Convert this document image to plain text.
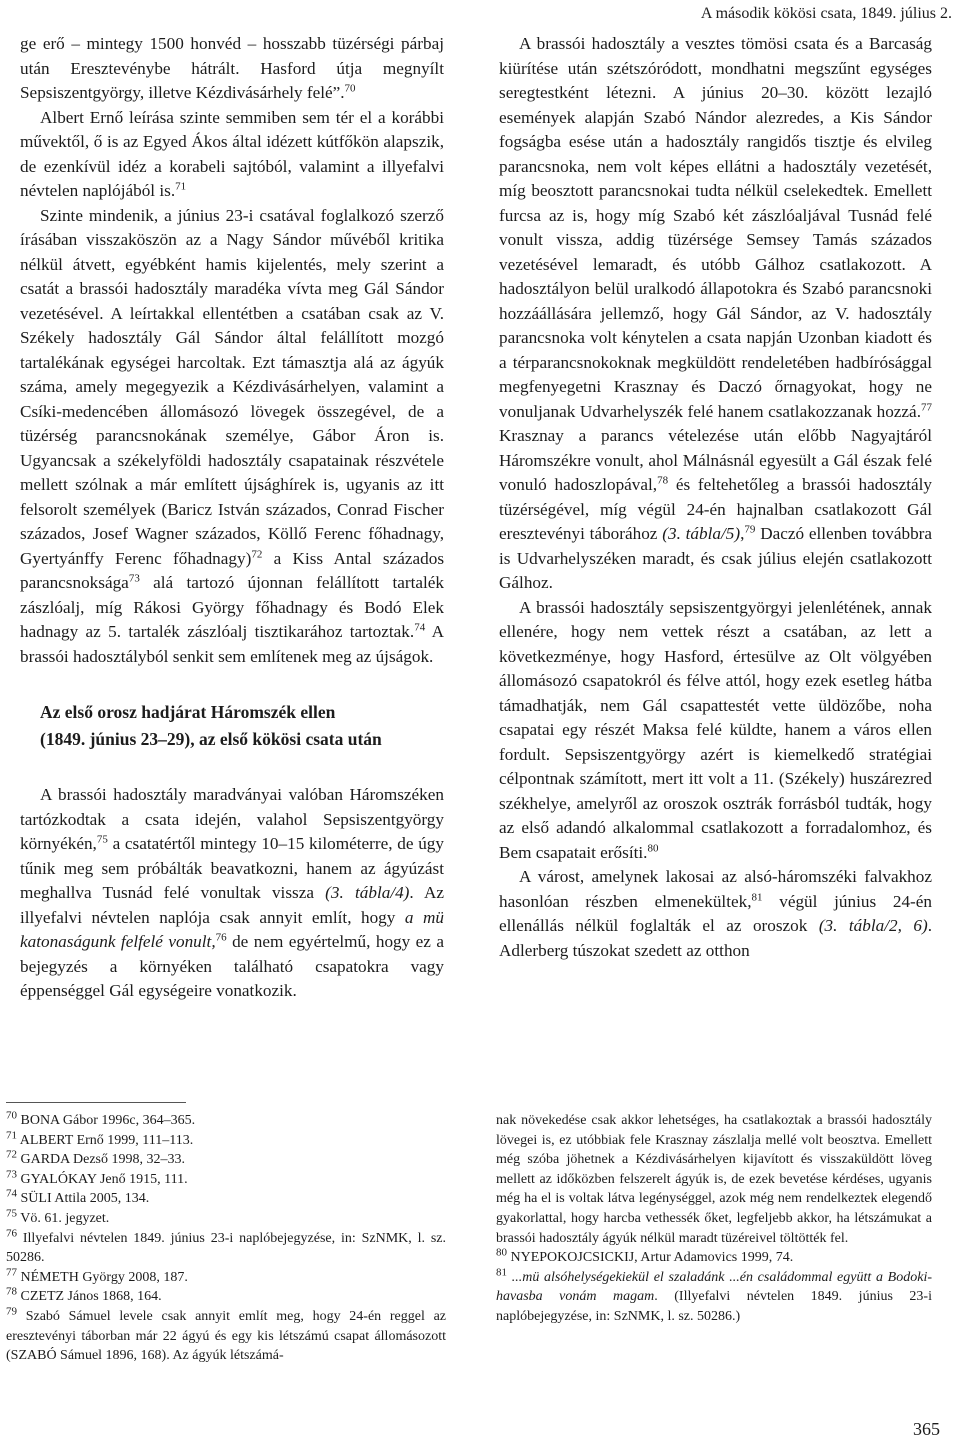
A második kökösi csata, 1849. július 2.

ge erő – mintegy 1500 honvéd – hosszabb tüzérségi párbaj után Eresztevénybe hátrált. Hasford útja megnyílt Sepsiszentgyörgy, illetve Kézdivásárhely felé”.$^{70}$

Albert Ernő leírása szinte semmiben sem tér el a korábbi művektől, ő is az Egyed Ákos által idézett kútfőkön alapszik, de ezenkívül idéz a korabeli sajtóból, valamint a illyefalvi névtelen naplójából is.$^{71}$

Szinte mindenik, a június 23-i csatával foglalkozó szerző írásában visszaköszön az a Nagy Sándor művéből kritika nélkül átvett, egyébként hamis kijelentés, mely szerint a csatát a brassói hadosztály maradéka vívta meg Gál Sándor vezetésével. A leírtakkal ellentétben a csatában csak az V. Székely hadosztály Gál Sándor által felállított mozgó tartalékának egységei harcoltak. Ezt támasztja alá az ágyúk száma, amely megegyezik a Kézdivásárhelyen, valamint a Csíki-medencében állomásozó lövegek összegével, de a tüzérség parancsnokának személye, Gábor Áron is. Ugyancsak a székelyföldi hadosztály csapatainak részvétele mellett szólnak a már említett újsághírek is, ugyanis az itt felsorolt személyek (Baricz István százados, Conrad Fischer százados, Josef Wagner százados, Köllő Ferenc főhadnagy, Gyertyánffy Ferenc főhadnagy)$^{72}$ a Kiss Antal százados parancsnoksága$^{73}$ alá tartozó újonnan felállított tartalék zászlóalj, míg Rákosi György főhadnagy és Bodó Elek hadnagy az 5. tartalék zászlóalj tisztikarához tartoztak.$^{74}$ A brassói hadosztályból senkit sem említenek meg az újságok.

Az első orosz hadjárat Háromszék ellen
(1849. június 23–29), az első kökösi csata után

A brassói hadosztály maradványai valóban Háromszéken tartózkodtak a csata idején, valahol Sepsiszentgyörgy környékén,$^{75}$ a csatatértől mintegy 10–15 kilométerre, de úgy tűnik meg sem próbálták beavatkozni, hanem az ágyúzást meghallva Tusnád felé vonultak vissza (3. tábla/4). Az illyefalvi névtelen naplója csak annyit említ, hogy a mü katonaságunk felfelé vonult,$^{76}$ de nem egyértelmű, hogy ez a bejegyzés a környéken található csapatokra vagy éppenséggel Gál egységeire vonatkozik.

A brassói hadosztály a vesztes tömösi csata és a Barcaság kiürítése után szétszóródott, mondhatni megszűnt egységes seregtestként létezni. A június 20–30. között lezajló események alapján Szabó Nándor alezredes, a Kis Sándor fogságba esése után a hadosztály rangidős tisztje és elvileg parancsnoka, nem volt képes ellátni a hadosztály vezetését, míg beosztott parancsnokai tudta nélkül cselekedtek. Emellett furcsa az is, hogy míg Szabó két zászlóaljával Tusnád felé vonult vissza, addig tüzérsége Semsey Tamás százados vezetésével lemaradt, és utóbb Gálhoz csatlakozott. A hadosztályon belül uralkodó állapotokra és Szabó parancsnoki hozzáállására jellemző, hogy Gál Sándor, az V. hadosztály parancsnoka volt kénytelen a csata napján Uzonban kiadott és a térparancsnokoknak megküldött rendeletében hadbírósággal megfenyegetni Krasznay és Daczó őrnagyokat, hogy ne vonuljanak Udvarhelyszék felé hanem csatlakozzanak hozzá.$^{77}$ Krasznay a parancs vételezése után előbb Nagyajtáról Háromszékre vonult, ahol Málnásnál egyesült a Gál észak felé vonuló hadoszlopával,$^{78}$ és feltehetőleg a brassói hadosztály tüzérségével, míg végül 24-én hajnalban csatlakozott Gál eresztevényi táborához (3. tábla/5),$^{79}$ Daczó ellenben továbbra is Udvarhelyszéken maradt, és csak július elején csatlakozott Gálhoz.

A brassói hadosztály sepsiszentgyörgyi jelenlétének, annak ellenére, hogy nem vettek részt a csatában, az lett a következménye, hogy Hasford, értesülve az Olt völgyében állomásozó csapatokról és félve attól, hogy ezek esetleg hátba támadhatják, nem Gál csapattestét vette üldözőbe, noha csapatai egy részét Maksa felé küldte, hanem a város ellen fordult. Sepsiszentgyörgy azért is kiemelkedő stratégiai célpontnak számított, mert itt volt a 11. (Székely) huszárezred székhelye, amelyről az oroszok osztrák forrásból tudták, hogy az első adandó alkalommal csatlakozott a forradalomhoz, és Bem csapatait erősíti.$^{80}$

A várost, amelynek lakosai az alsó-háromszéki falvakhoz hasonlóan részben elmenekültek,$^{81}$ végül június 24-én ellenállás nélkül foglalták el az oroszok (3. tábla/2, 6). Adlerberg túszokat szedett az otthon

$^{70}$ BONA Gábor 1996c, 364–365.

$^{71}$ ALBERT Ernő 1999, 111–113.

$^{72}$ GARDA Dezső 1998, 32–33.

$^{73}$ GYALÓKAY Jenő 1915, 111.

$^{74}$ SÜLI Attila 2005, 134.

$^{75}$ Vö. 61. jegyzet.

$^{76}$ Illyefalvi névtelen 1849. június 23-i naplóbejegyzése, in: SzNMK, l. sz. 50286.

$^{77}$ NÉMETH György 2008, 187.

$^{78}$ CZETZ János 1868, 164.

$^{79}$ Szabó Sámuel levele csak annyit említ meg, hogy 24-én reggel az eresztevényi táborban már 22 ágyú és egy kis létszámú csapat állomásozott (SZABÓ Sámuel 1896, 168). Az ágyúk létszámá-

nak növekedése csak akkor lehetséges, ha csatlakoztak a brassói hadosztály lövegei is, ez utóbbiak fele Krasznay zászlalja mellé volt beosztva. Emellett még szóba jöhetnek a Kézdivásárhelyen kijavított és visszaküldött löveg mellett az időközben felszerelt ágyúk is, de ezek bevetése kérdéses, ugyanis még ha el is voltak látva legénységgel, azok még nem rendelkeztek elegendő gyakorlattal, hogy harcba vethessék őket, legfeljebb akkor, ha létszámukat a brassói hadosztály ágyúk nélkül maradt tüzéreivel töltötték fel.

$^{80}$ NYEPOKOJCSICKIJ, Artur Adamovics 1999, 74.

$^{81}$ ...mü alsóhelységekiekül el szaladánk ...én családommal együtt a Bodoki-havasba vonám magam. (Illyefalvi névtelen 1849. június 23-i naplóbejegyzése, in: SzNMK, l. sz. 50286.)

365
